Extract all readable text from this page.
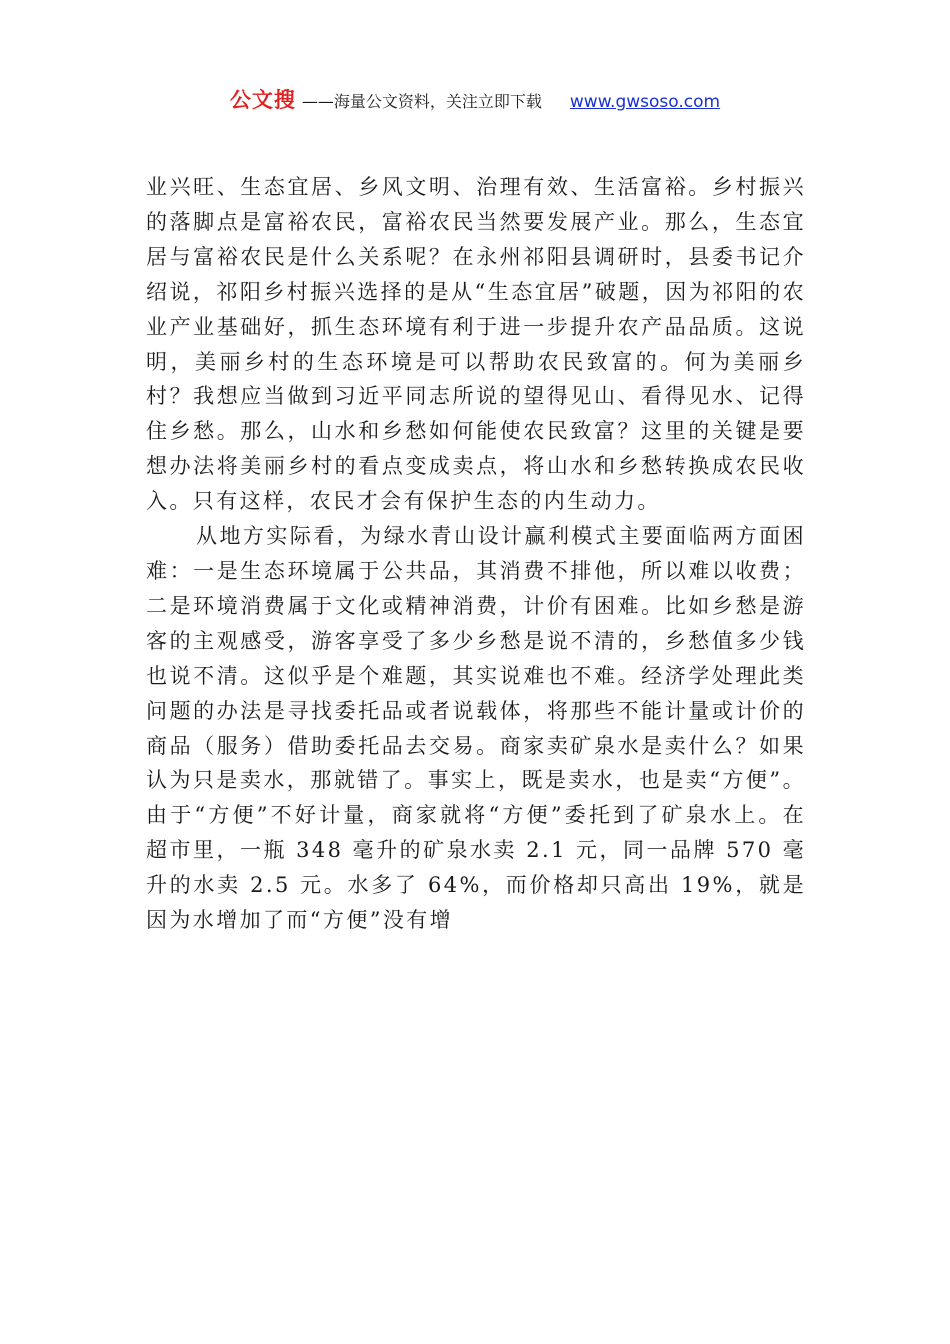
公文搜 ——海量公文资料，关注立即下载 www.gwsoso.com

业兴旺、生态宜居、乡风文明、治理有效、生活富裕。乡村振兴的落脚点是富裕农民，富裕农民当然要发展产业。那么，生态宜居与富裕农民是什么关系呢？在永州祁阳县调研时，县委书记介绍说，祁阳乡村振兴选择的是从“生态宜居”破题，因为祁阳的农业产业基础好，抓生态环境有利于进一步提升农产品品质。这说明，美丽乡村的生态环境是可以帮助农民致富的。何为美丽乡村？我想应当做到习近平同志所说的望得见山、看得见水、记得住乡愁。那么，山水和乡愁如何能使农民致富？这里的关键是要想办法将美丽乡村的看点变成卖点，将山水和乡愁转换成农民收入。只有这样，农民才会有保护生态的内生动力。

从地方实际看，为绿水青山设计赢利模式主要面临两方面困难：一是生态环境属于公共品，其消费不排他，所以难以收费；二是环境消费属于文化或精神消费，计价有困难。比如乡愁是游客的主观感受，游客享受了多少乡愁是说不清的，乡愁值多少钱也说不清。这似乎是个难题，其实说难也不难。经济学处理此类问题的办法是寻找委托品或者说载体，将那些不能计量或计价的商品（服务）借助委托品去交易。商家卖矿泉水是卖什么？如果认为只是卖水，那就错了。事实上，既是卖水，也是卖“方便”。由于“方便”不好计量，商家就将“方便”委托到了矿泉水上。在超市里，一瓶 348 毫升的矿泉水卖 2.1 元，同一品牌 570 毫升的水卖 2.5 元。水多了 64%，而价格却只高出 19%，就是因为水增加了而“方便”没有增
